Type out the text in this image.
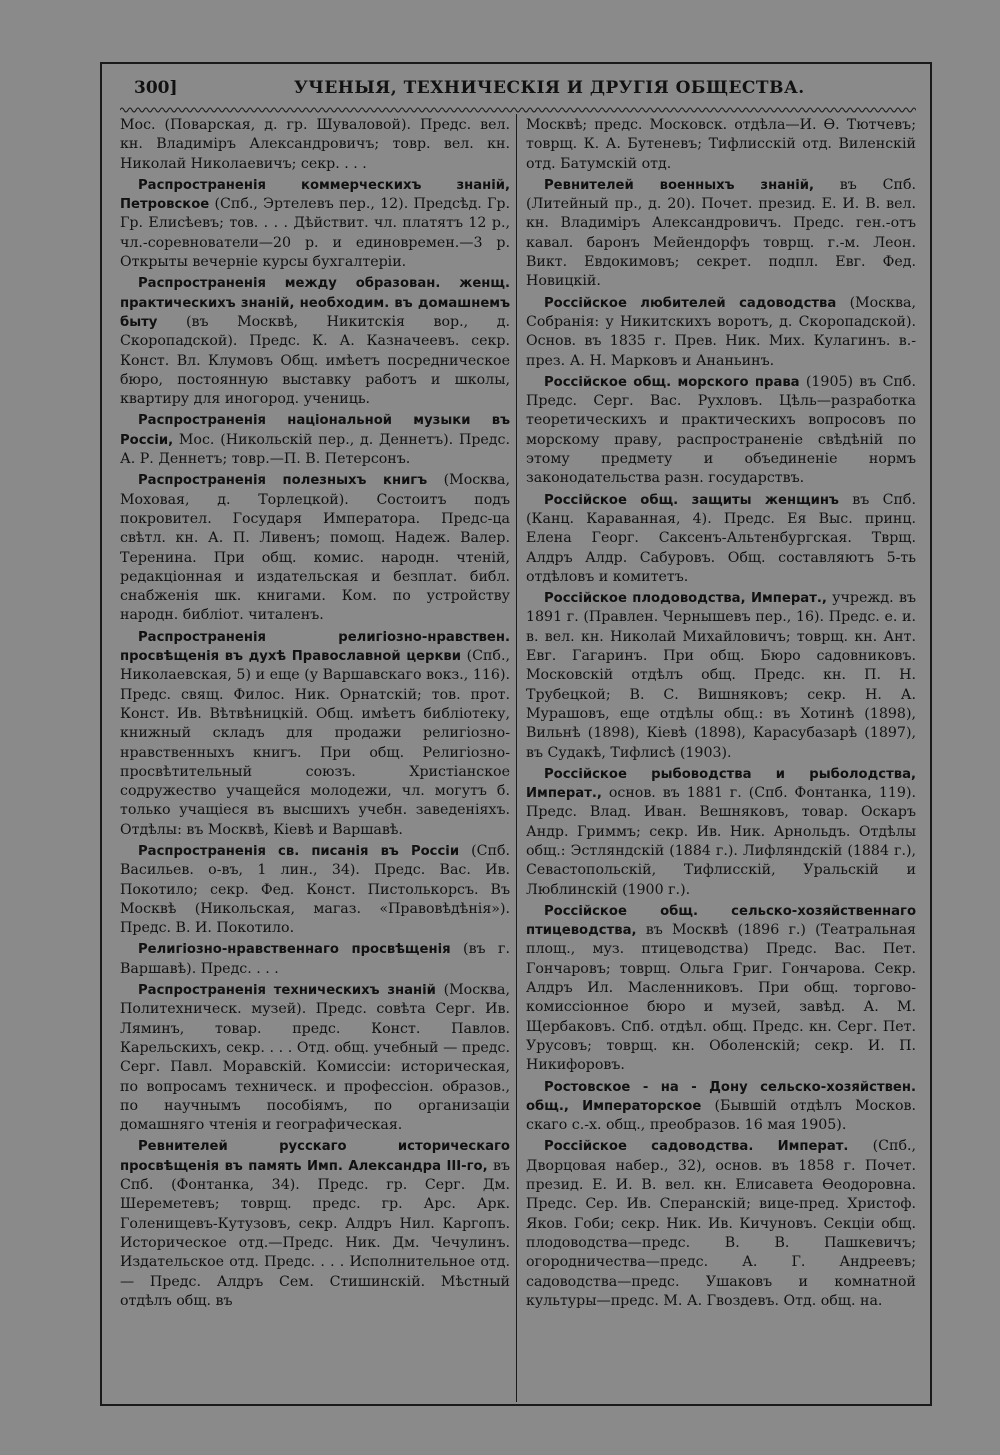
300]	УЧЕНЫЯ, ТЕХНИЧЕСКІЯ И ДРУГІЯ ОБЩЕСТВА.

Мос. (Поварская, д. гр. Шуваловой). Предс. вел. кн. Владиміръ Александровичъ; товр. вел. кн. Николай Николаевичъ; секр. . . .

Распространенія коммерческихъ знаній, Петровское (Спб., Эртелевъ пер., 12). Предсѣд. Гр. Гр. Елисѣевъ; тов. . . . Дѣйствит. чл. платятъ 12 р., чл.-соревнователи—20 р. и единовремен.—3 р. Открыты вечерніе курсы бухгалтеріи.

Распространенія между образован. женщ. практическихъ знаній, необходим. въ домашнемъ быту (въ Москвѣ, Никитскія вор., д. Скоропадской). Предс. К. А. Казначеевъ. секр. Конст. Вл. Клумовъ Общ. имѣетъ посредническое бюро, постоянную выставку работъ и школы, квартиру для иногород. учениць.

Распространенія національной музыки въ Россіи, Мос. (Никольскій пер., д. Деннетъ). Предс. А. Р. Деннетъ; товр.—П. В. Петерсонъ.

Распространенія полезныхъ книгъ (Москва, Моховая, д. Торлецкой). Состоитъ подъ покровител. Государя Императора. Предс-ца свѣтл. кн. А. П. Ливенъ; помощ. Надеж. Валер. Теренина. При общ. комис. народн. чтеній, редакціонная и издательская и безплат. библ. снабженія шк. книгами. Ком. по устройству народн. библіот. читаленъ.

Распространенія религіозно-нравствен. просвѣщенія въ духѣ Православной церкви (Спб., Николаевская, 5) и еще (у Варшавскаго вокз., 116). Предс. свящ. Филос. Ник. Орнатскій; тов. прот. Конст. Ив. Вѣтвѣницкій. Общ. имѣетъ библіотеку, книжный складъ для продажи религіозно-нравственныхъ книгъ. При общ. Религіозно-просвѣтительный союзъ. Христіанское содружество учащейся молодежи, чл. могутъ б. только учащіеся въ высшихъ учебн. заведеніяхъ. Отдѣлы: въ Москвѣ, Кіевѣ и Варшавѣ.

Распространенія св. писанія въ Россіи (Спб. Васильев. о-въ, 1 лин., 34). Предс. Вас. Ив. Покотило; секр. Фед. Конст. Пистолькорсъ. Въ Москвѣ (Никольская, магаз. «Правовѣдѣнія»). Предс. В. И. Покотило.

Религіозно-нравственнаго просвѣщенія (въ г. Варшавѣ). Предс. . . .

Распространенія техническихъ знаній (Москва, Политехническ. музей). Предс. совѣта Серг. Ив. Ляминъ, товар. предс. Конст. Павлов. Карельскихъ, секр. . . . Отд. общ. учебный — предс. Серг. Павл. Моравскій. Комиссіи: историческая, по вопросамъ техническ. и профессіон. образов., по научнымъ пособіямъ, по организаціи домашняго чтенія и географическая.

Ревнителей русскаго историческаго просвѣщенія въ память Имп. Александра III-го, въ Спб. (Фонтанка, 34). Предс. гр. Серг. Дм. Шереметевъ; товрщ. предс. гр. Арс. Арк. Голенищевъ-Кутузовъ, секр. Алдръ Нил. Каргопъ. Историческое отд.—Предс. Ник. Дм. Чечулинъ. Издательское отд. Предс. . . . Исполнительное отд. — Предс. Алдръ Сем. Стишинскій. Мѣстный отдѣлъ общ. въ

Москвѣ; предс. Московск. отдѣла—И. Ѳ. Тютчевъ; товрщ. К. А. Бутеневъ; Тифлисскій отд. Виленскій отд. Батумскій отд.

Ревнителей военныхъ знаній, въ Спб. (Литейный пр., д. 20). Почет. презид. Е. И. В. вел. кн. Владиміръ Александровичъ. Предс. ген.-отъ кавал. баронъ Мейендорфъ товрщ. г.-м. Леон. Викт. Евдокимовъ; секрет. подпл. Евг. Фед. Новицкій.

Россійское любителей садоводства (Москва, Собранія: у Никитскихъ воротъ, д. Скоропадской). Основ. въ 1835 г. Прев. Ник. Мих. Кулагинъ. в.-през. А. Н. Марковъ и Ананьинъ.

Россійское общ. морского права (1905) въ Спб. Предс. Серг. Вас. Рухловъ. Цѣль—разработка теоретическихъ и практическихъ вопросовъ по морскому праву, распространеніе свѣдѣній по этому предмету и объединеніе нормъ законодательства разн. государствъ.

Россійское общ. защиты женщинъ въ Спб. (Канц. Караванная, 4). Предс. Ея Выс. принц. Елена Георг. Саксенъ-Альтенбургская. Тврщ. Алдръ Алдр. Сабуровъ. Общ. составляютъ 5-ть отдѣловъ и комитетъ.

Россійское плодоводства, Императ., учрежд. въ 1891 г. (Правлен. Чернышевъ пер., 16). Предс. е. и. в. вел. кн. Николай Михайловичъ; товрщ. кн. Ант. Евг. Гагаринъ. При общ. Бюро садовниковъ. Московскій отдѣлъ общ. Предс. кн. П. Н. Трубецкой; В. С. Вишняковъ; секр. Н. А. Мурашовъ, еще отдѣлы общ.: въ Хотинѣ (1898), Вильнѣ (1898), Кіевѣ (1898), Карасубазарѣ (1897), въ Судакѣ, Тифлисѣ (1903).

Россійское рыбоводства и рыболодства, Императ., основ. въ 1881 г. (Спб. Фонтанка, 119). Предс. Влад. Иван. Вешняковъ, товар. Оскаръ Андр. Гриммъ; секр. Ив. Ник. Арнольдъ. Отдѣлы общ.: Эстляндскій (1884 г.). Лифляндскій (1884 г.), Севастопольскій, Тифлисскій, Уральскій и Люблинскій (1900 г.).

Россійское общ. сельско-хозяйственнаго птицеводства, въ Москвѣ (1896 г.) (Театральная площ., муз. птицеводства) Предс. Вас. Пет. Гончаровъ; товрщ. Ольга Григ. Гончарова. Секр. Алдръ Ил. Масленниковъ. При общ. торгово-комиссіонное бюро и музей, завѣд. А. М. Щербаковъ. Спб. отдѣл. общ. Предс. кн. Серг. Пет. Урусовъ; товрщ. кн. Оболенскій; секр. И. П. Никифоровъ.

Ростовское - на - Дону сельско-хозяйствен. общ., Императорское (Бывшій отдѣлъ Москов. скаго с.-х. общ., преобразов. 16 мая 1905).

Россійское садоводства. Императ. (Спб., Дворцовая набер., 32), основ. въ 1858 г. Почет. презид. Е. И. В. вел. кн. Елисавета Ѳеодоровна. Предс. Сер. Ив. Сперанскій; вице-пред. Христоф. Яков. Гоби; секр. Ник. Ив. Кичуновъ. Секціи общ. плодоводства—предс. В. В. Пашкевичъ; огородничества—предс. А. Г. Андреевъ; садоводства—предс. Ушаковъ и комнатной культуры—предс. М. А. Гвоздевъ. Отд. общ. на.
